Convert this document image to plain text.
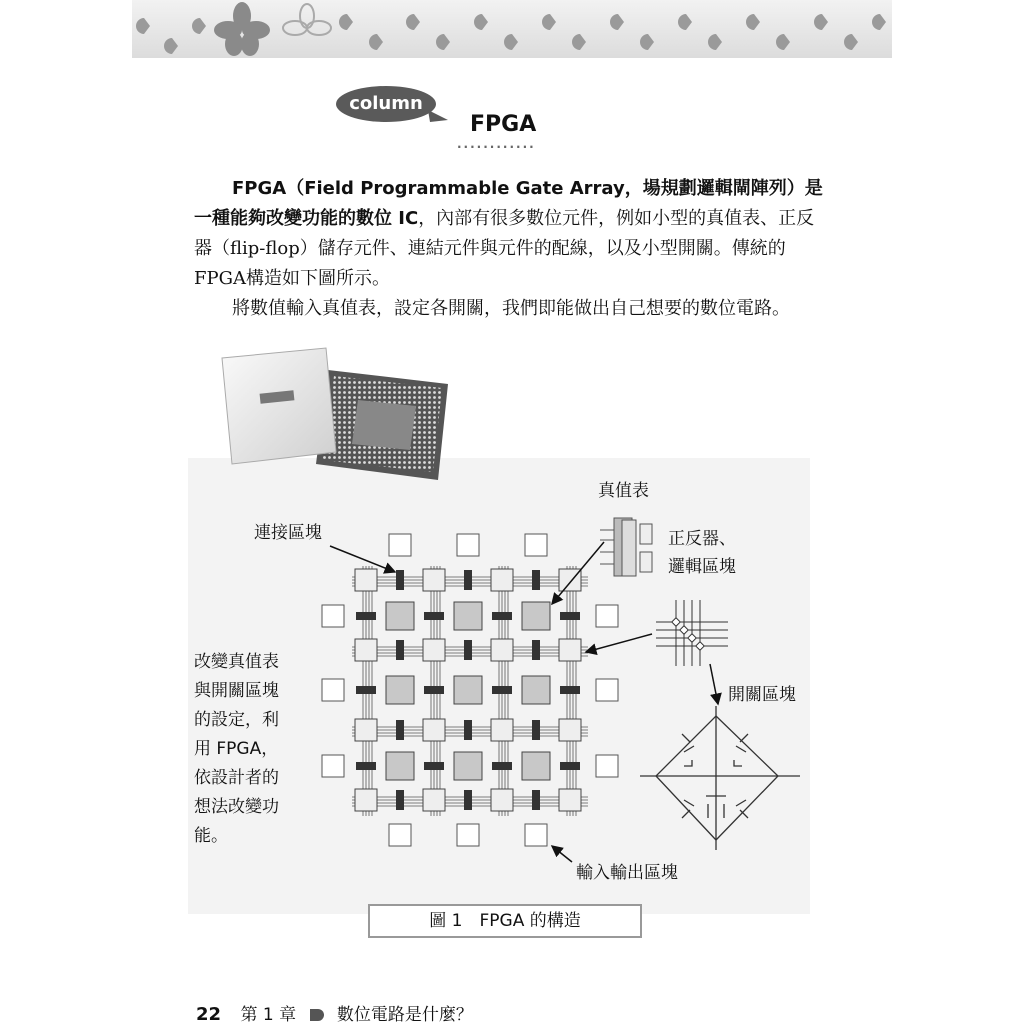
column
FPGA
············

FPGA（Field Programmable Gate Array，場規劃邏輯閘陣列）是一種能夠改變功能的數位 IC，內部有很多數位元件，例如小型的真值表、正反器（flip-flop）儲存元件、連結元件與元件的配線，以及小型開關。傳統的FPGA構造如下圖所示。

將數值輸入真值表，設定各開關，我們即能做出自己想要的數位電路。

真值表
連接區塊	正反器、
邏輯區塊
開關區塊
輸入輸出區塊

改變真值表

與開關區塊

的設定，利

用 FPGA，

依設計者的

想法改變功

能。

圖 1　FPGA 的構造
22 第 1 章 數位電路是什麼？
